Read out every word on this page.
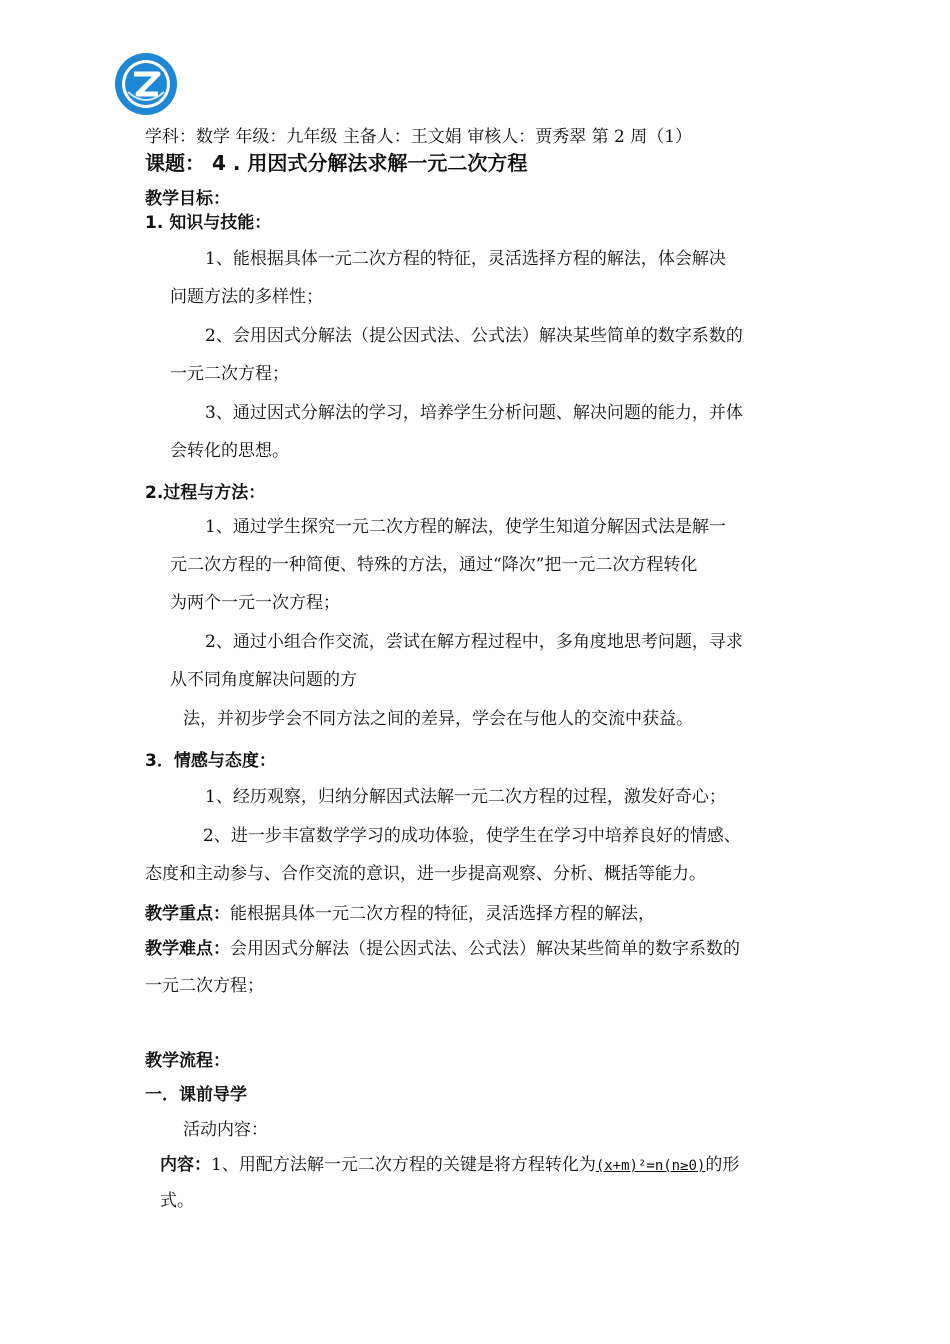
学科：数学 年级：九年级 主备人：王文娟 审核人：贾秀翠 第 2 周（1）
课题： 4 . 用因式分解法求解一元二次方程
教学目标：
1. 知识与技能：
1、能根据具体一元二次方程的特征，灵活选择方程的解法，体会解决
问题方法的多样性；
2、会用因式分解法（提公因式法、公式法）解决某些简单的数字系数的
一元二次方程；
3、通过因式分解法的学习，培养学生分析问题、解决问题的能力，并体
会转化的思想。
2.过程与方法：
1、通过学生探究一元二次方程的解法，使学生知道分解因式法是解一
元二次方程的一种简便、特殊的方法，通过“降次”把一元二次方程转化
为两个一元一次方程；
2、通过小组合作交流，尝试在解方程过程中，多角度地思考问题，寻求
从不同角度解决问题的方
法，并初步学会不同方法之间的差异，学会在与他人的交流中获益。
3．情感与态度：
1、经历观察，归纳分解因式法解一元二次方程的过程，激发好奇心；
2、进一步丰富数学学习的成功体验，使学生在学习中培养良好的情感、
态度和主动参与、合作交流的意识，进一步提高观察、分析、概括等能力。
教学重点：能根据具体一元二次方程的特征，灵活选择方程的解法，
教学难点：会用因式分解法（提公因式法、公式法）解决某些简单的数字系数的
一元二次方程；
教学流程：
一．课前导学
活动内容：
内容：1、用配方法解一元二次方程的关键是将方程转化为(x+m)²=n(n≥0)的形
式。
